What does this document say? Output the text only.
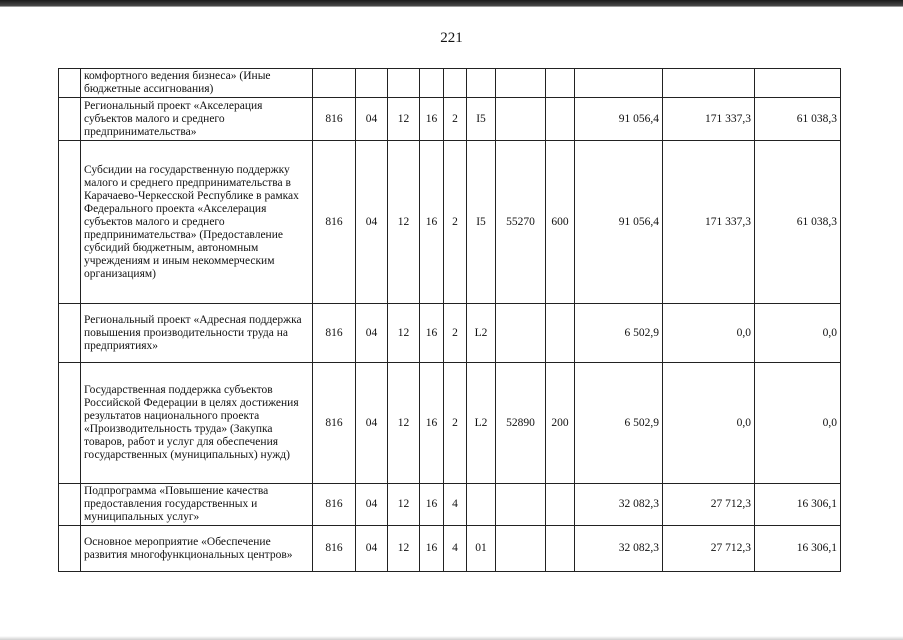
221

	комфортного ведения бизнеса» (Иные бюджетные ассигнования)											

	Региональный проект «Акселерация субъектов малого и среднего предпринимательства»	816	04	12	16	2	I5			91 056,4	171 337,3	61 038,3

	Субсидии на государственную поддержку малого и среднего предпринимательства в Карачаево-Черкесской Республике в рамках Федерального проекта «Акселерация субъектов малого и среднего предпринимательства» (Предоставление субсидий бюджетным, автономным учреждениям и иным некоммерческим организациям)	816	04	12	16	2	I5	55270	600	91 056,4	171 337,3	61 038,3

	Региональный проект «Адресная поддержка повышения производительности труда на предприятиях»	816	04	12	16	2	L2			6 502,9	0,0	0,0

	Государственная поддержка субъектов Российской Федерации в целях достижения результатов национального проекта «Производительность труда» (Закупка товаров, работ и услуг для обеспечения государственных (муниципальных) нужд)	816	04	12	16	2	L2	52890	200	6 502,9	0,0	0,0

	Подпрограмма «Повышение качества предоставления государственных и муниципальных услуг»	816	04	12	16	4				32 082,3	27 712,3	16 306,1

	Основное мероприятие «Обеспечение развития многофункциональных центров»	816	04	12	16	4	01			32 082,3	27 712,3	16 306,1
